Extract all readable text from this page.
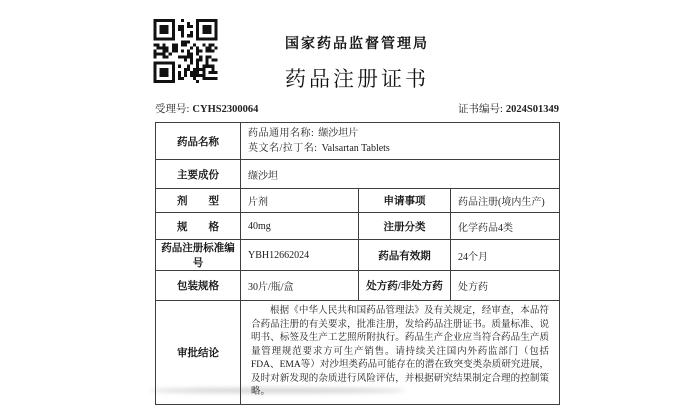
国家药品监督管理局
药品注册证书
受理号: CYHS2300064	证书编号: 2024S01349
药品名称	药品通用名称: 缬沙坦片
英文名/拉丁名: Valsartan Tablets		

主要成份	缬沙坦		
剂　　型	片剂	申请事项	药品注册(境内生产)
规　　格	40mg	注册分类	化学药品4类
药品注册标准编号	YBH12662024	药品有效期	24个月
包装规格	30片/瓶/盒	处方药/非处方药	处方药
审批结论	根据《中华人民共和国药品管理法》及有关规定，经审查，本品符合药品注册的有关要求，批准注册，发给药品注册证书。质量标准、说明书、标签及生产工艺照所附执行。药品生产企业应当符合药品生产质量管理规范要求方可生产销售。请持续关注国内外药监部门（包括FDA、EMA等）对沙坦类药品可能存在的潜在致突变类杂质研究进展，及时对新发现的杂质进行风险评估，并根据研究结果制定合理的控制策略。		
